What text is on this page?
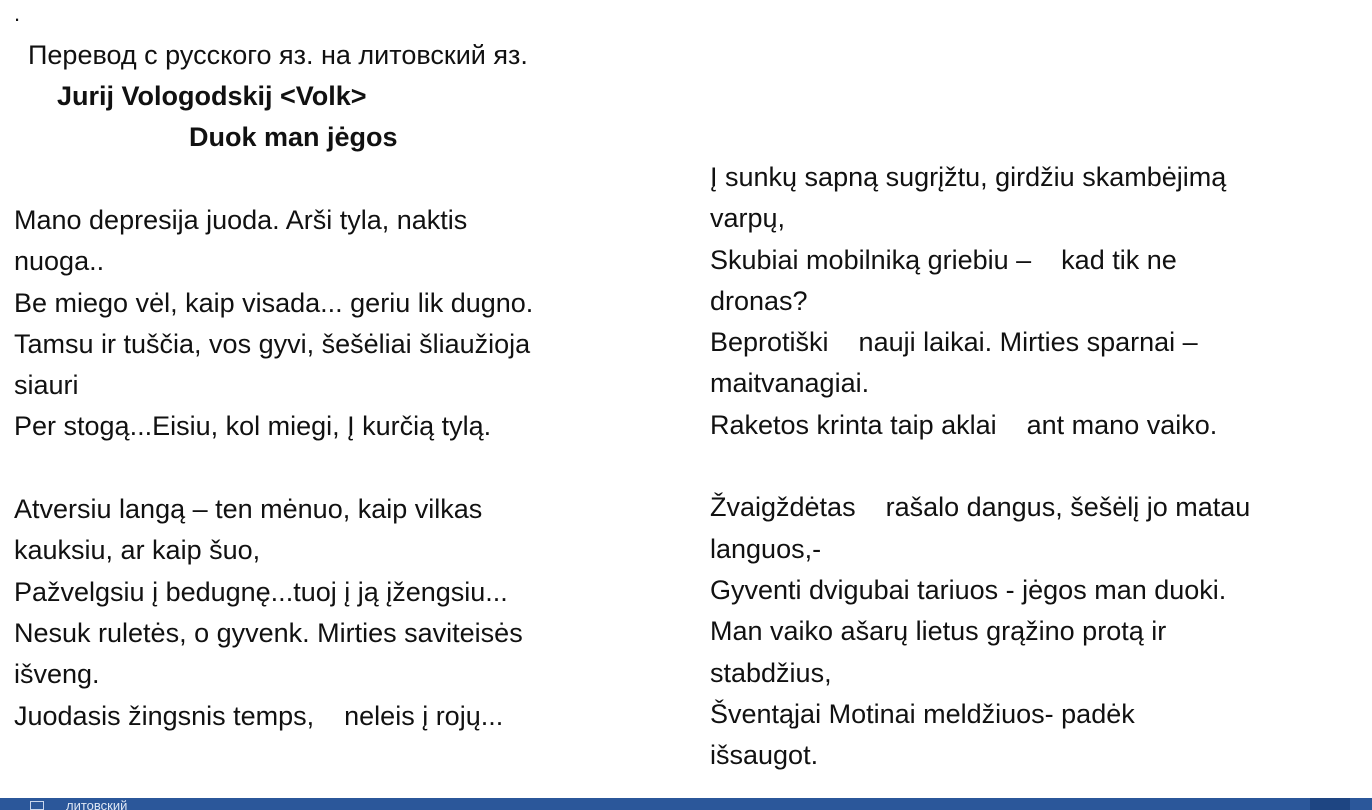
.
Перевод с русского яз. на литовский яз.
Jurij Vologodskij <Volk>
Duok man jėgos
Mano depresija juoda. Arši tyla, naktis
nuoga..
Be miego vėl, kaip visada... geriu lik dugno.
Tamsu ir tuščia, vos gyvi, šešėliai šliaužioja
siauri
Per stogą...Eisiu, kol miegi, Į kurčią tylą.
Atversiu langą – ten mėnuo, kaip vilkas
kauksiu, ar kaip šuo,
Pažvelgsiu į bedugnę...tuoj į ją įžengsiu...
Nesuk ruletės, o gyvenk. Mirties saviteisės
išveng.
Juodasis žingsnis temps,    neleis į rojų...
Į sunkų sapną sugrįžtu, girdžiu skambėjimą
varpų,
Skubiai mobilniką griebiu –    kad tik ne
dronas?
Beprotiški    nauji laikai. Mirties sparnai –
maitvanagiai.
Raketos krinta taip aklai    ant mano vaiko.
Žvaigždėtas    rašalo dangus, šešėlį jo matau
languos,-
Gyventi dvigubai tariuos - jėgos man duoki.
Man vaiko ašarų lietus grąžino protą ir
stabdžius,
Šventąjai Motinai meldžiuos- padėk
išsaugot.
литовский
